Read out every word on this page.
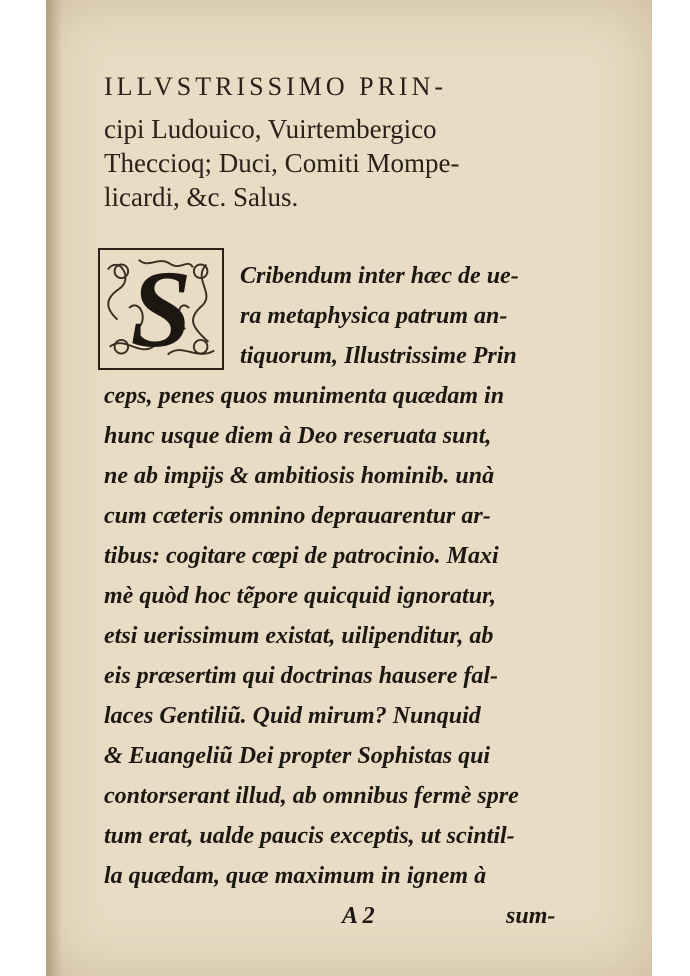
ILLVSTRISSIMO PRIN-
cipi Ludouico, Vuirtembergico
Theccioq; Duci, Comiti Mompe-
licardi, &c. Salus.
S	Cribendum inter hæc de ue-
ra metaphysica patrum an-
tiquorum, Illustrissime Prin
ceps, penes quos munimenta quædam in
hunc usque diem à Deo reseruata sunt,
ne ab impijs & ambitiosis hominib. unà
cum cæteris omnino deprauarentur ar-
tibus: cogitare cœpi de patrocinio. Maxi
mè quòd hoc tẽpore quicquid ignoratur,
etsi uerissimum existat, uilipenditur, ab
eis præsertim qui doctrinas hausere fal-
laces Gentiliũ. Quid mirum? Nunquid
& Euangeliũ Dei propter Sophistas qui
contorserant illud, ab omnibus fermè spre
tum erat, ualde paucis exceptis, ut scintil-
la quædam, quæ maximum in ignem à
A 2	sum-
